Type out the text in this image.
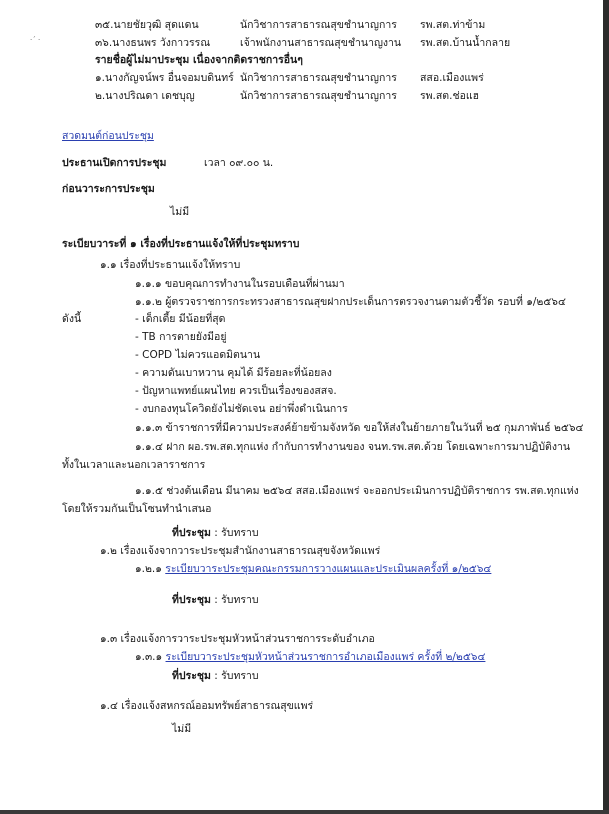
·ˊ ·
๓๕.นายชัยวุฒิ สุดแดน	นักวิชาการสาธารณสุขชำนาญการ รพ.สต.ท่าข้าม
๓๖.นางธนพร วังกาวรรณ	เจ้าพนักงานสาธารณสุขชำนาญงาน รพ.สต.บ้านน้ำกลาย
รายชื่อผู้ไม่มาประชุม เนื่องจากติดราชการอื่นๆ
๑.นางกัญจน์พร อื่นจอมบดินทร์ นักวิชาการสาธารณสุขชำนาญการ สสอ.เมืองแพร่
๒.นางปริณดา เดชบุญ	นักวิชาการสาธารณสุขชำนาญการ รพ.สต.ช่อแฮ
สวดมนต์ก่อนประชุม
ประธานเปิดการประชุม	เวลา ๐๙.๐๐ น.
ก่อนวาระการประชุม
ไม่มี
ระเบียบวาระที่ ๑ เรื่องที่ประธานแจ้งให้ที่ประชุมทราบ
๑.๑ เรื่องที่ประธานแจ้งให้ทราบ
๑.๑.๑ ขอบคุณการทำงานในรอบเดือนที่ผ่านมา
๑.๑.๒ ผู้ตรวจราชการกระทรวงสาธารณสุขฝากประเด็นการตรวจงานตามตัวชี้วัด รอบที่ ๑/๒๕๖๔
ดังนี้	- เด็กเตี้ย มีน้อยที่สุด
- TB การตายยังมีอยู่
- COPD ไม่ควรแอดมิตนาน
- ความดันเบาหวาน คุมได้ มีร้อยละที่น้อยลง
- ปัญหาแพทย์แผนไทย ควรเป็นเรื่องของสสจ.
- งบกองทุนโควิดยังไม่ชัดเจน อย่าพึ่งดำเนินการ
๑.๑.๓ ข้าราชการที่มีความประสงค์ย้ายข้ามจังหวัด ขอให้ส่งในย้ายภายในวันที่ ๒๕ กุมภาพันธ์ ๒๕๖๔
๑.๑.๔ ฝาก ผอ.รพ.สต.ทุกแห่ง กำกับการทำงานของ จนท.รพ.สต.ด้วย โดยเฉพาะการมาปฏิบัติงาน
ทั้งในเวลาและนอกเวลาราชการ
๑.๑.๕ ช่วงต้นเดือน มีนาคม ๒๕๖๔ สสอ.เมืองแพร่ จะออกประเมินการปฏิบัติราชการ รพ.สต.ทุกแห่ง
โดยให้รวมกันเป็นโซนทำนำเสนอ
ที่ประชุม : รับทราบ
๑.๒ เรื่องแจ้งจากวาระประชุมสำนักงานสาธารณสุขจังหวัดแพร่
๑.๒.๑ ระเบียบวาระประชุมคณะกรรมการวางแผนและประเมินผลครั้งที่ ๑/๒๕๖๔
ที่ประชุม : รับทราบ
๑.๓ เรื่องแจ้งการวาระประชุมหัวหน้าส่วนราชการระดับอำเภอ
๑.๓.๑ ระเบียบวาระประชุมหัวหน้าส่วนราชการอำเภอเมืองแพร่ ครั้งที่ ๒/๒๕๖๔
ที่ประชุม : รับทราบ
๑.๔ เรื่องแจ้งสหกรณ์ออมทรัพย์สาธารณสุขแพร่
ไม่มี
